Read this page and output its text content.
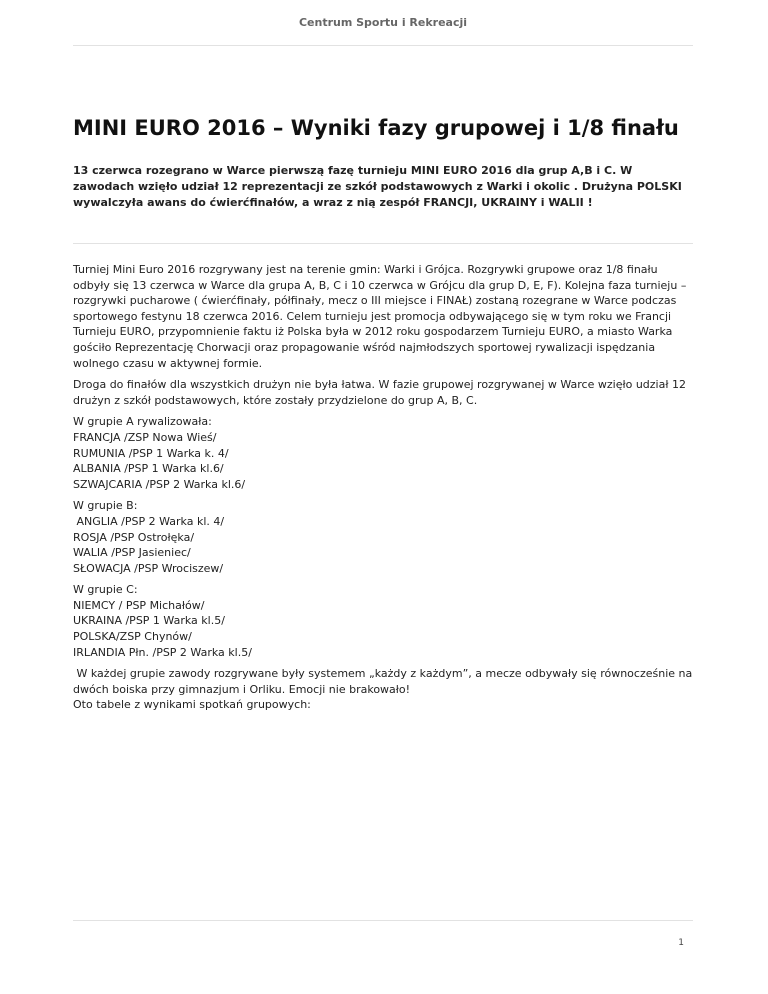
Centrum Sportu i Rekreacji
MINI EURO 2016 – Wyniki fazy grupowej i 1/8 finału

13 czerwca rozegrano w Warce pierwszą fazę turnieju MINI EURO 2016 dla grup A,B i C. W zawodach wzięło udział 12 reprezentacji ze szkół podstawowych z Warki i okolic . Drużyna POLSKI wywalczyła awans do ćwierćfinałów, a wraz z nią zespół FRANCJI, UKRAINY i WALII !

Turniej Mini Euro 2016 rozgrywany jest na terenie gmin: Warki i Grójca. Rozgrywki grupowe oraz 1/8 finału odbyły się 13 czerwca w Warce dla grupa A, B, C i 10 czerwca w Grójcu dla grup D, E, F). Kolejna faza turnieju – rozgrywki pucharowe ( ćwierćfinały, półfinały, mecz o III miejsce i FINAŁ) zostaną rozegrane w Warce podczas sportowego festynu 18 czerwca 2016. Celem turnieju jest promocja odbywającego się w tym roku we Francji Turnieju EURO, przypomnienie faktu iż Polska była w 2012 roku gospodarzem Turnieju EURO, a miasto Warka gościło Reprezentację Chorwacji oraz propagowanie wśród najmłodszych sportowej rywalizacji ispędzania wolnego czasu w aktywnej formie.

Droga do finałów dla wszystkich drużyn nie była łatwa. W fazie grupowej rozgrywanej w Warce wzięło udział 12 drużyn z szkół podstawowych, które zostały przydzielone do grup A, B, C.

W grupie A rywalizowała:
FRANCJA /ZSP Nowa Wieś/
RUMUNIA /PSP 1 Warka k. 4/
ALBANIA /PSP 1 Warka kl.6/
SZWAJCARIA /PSP 2 Warka kl.6/
W grupie B:
ANGLIA /PSP 2 Warka kl. 4/
ROSJA /PSP Ostrołęka/
WALIA /PSP Jasieniec/
SŁOWACJA /PSP Wrociszew/
W grupie C:
NIEMCY / PSP Michałów/
UKRAINA /PSP 1 Warka kl.5/
POLSKA/ZSP Chynów/
IRLANDIA Płn. /PSP 2 Warka kl.5/
W każdej grupie zawody rozgrywane były systemem „każdy z każdym”, a mecze odbywały się równocześnie na dwóch boiska przy gimnazjum i Orliku. Emocji nie brakowało!
Oto tabele z wynikami spotkań grupowych:
1
